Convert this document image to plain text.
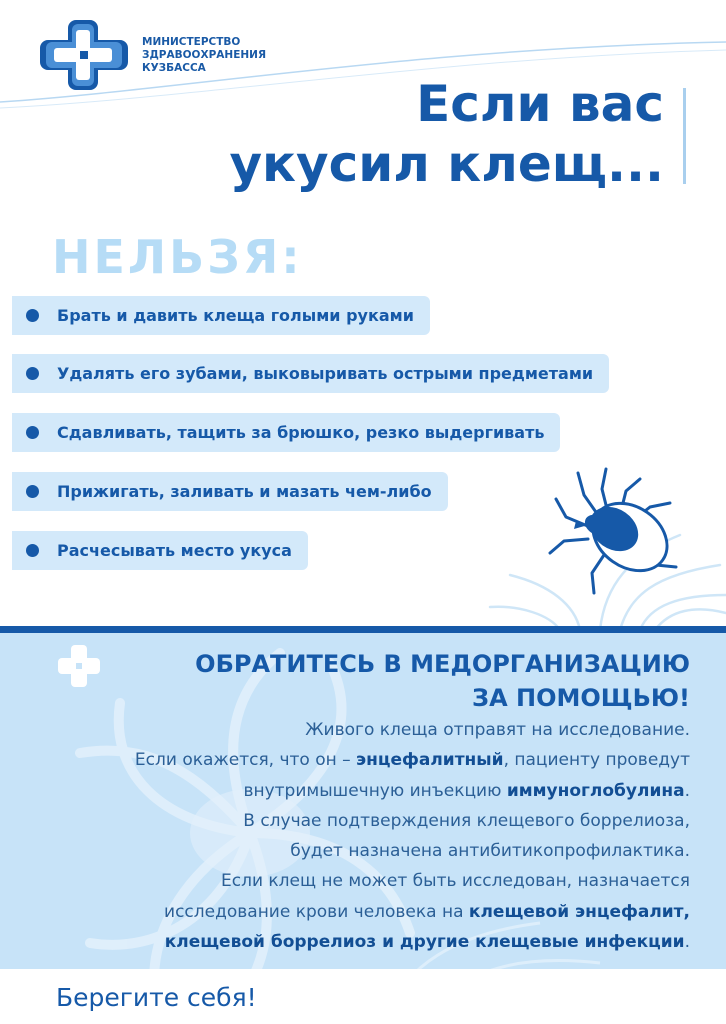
МИНИСТЕРСТВО
ЗДРАВООХРАНЕНИЯ
КУЗБАССА
Если вас
укусил клещ...
НЕЛЬЗЯ:
Брать и давить клеща голыми руками
Удалять его зубами, выковыривать острыми предметами
Сдавливать, тащить за брюшко, резко выдергивать
Прижигать, заливать и мазать чем-либо
Расчесывать место укуса
ОБРАТИТЕСЬ В МЕДОРГАНИЗАЦИЮ
ЗА ПОМОЩЬЮ!

Живого клеща отправят на исследование.

Если окажется, что он – энцефалитный, пациенту проведут

внутримышечную инъекцию иммуноглобулина.

В случае подтверждения клещевого боррелиоза,

будет назначена антибитикопрофилактика.

Если клещ не может быть исследован, назначается

исследование крови человека на клещевой энцефалит,

клещевой боррелиоз и другие клещевые инфекции.

Берегите себя!
